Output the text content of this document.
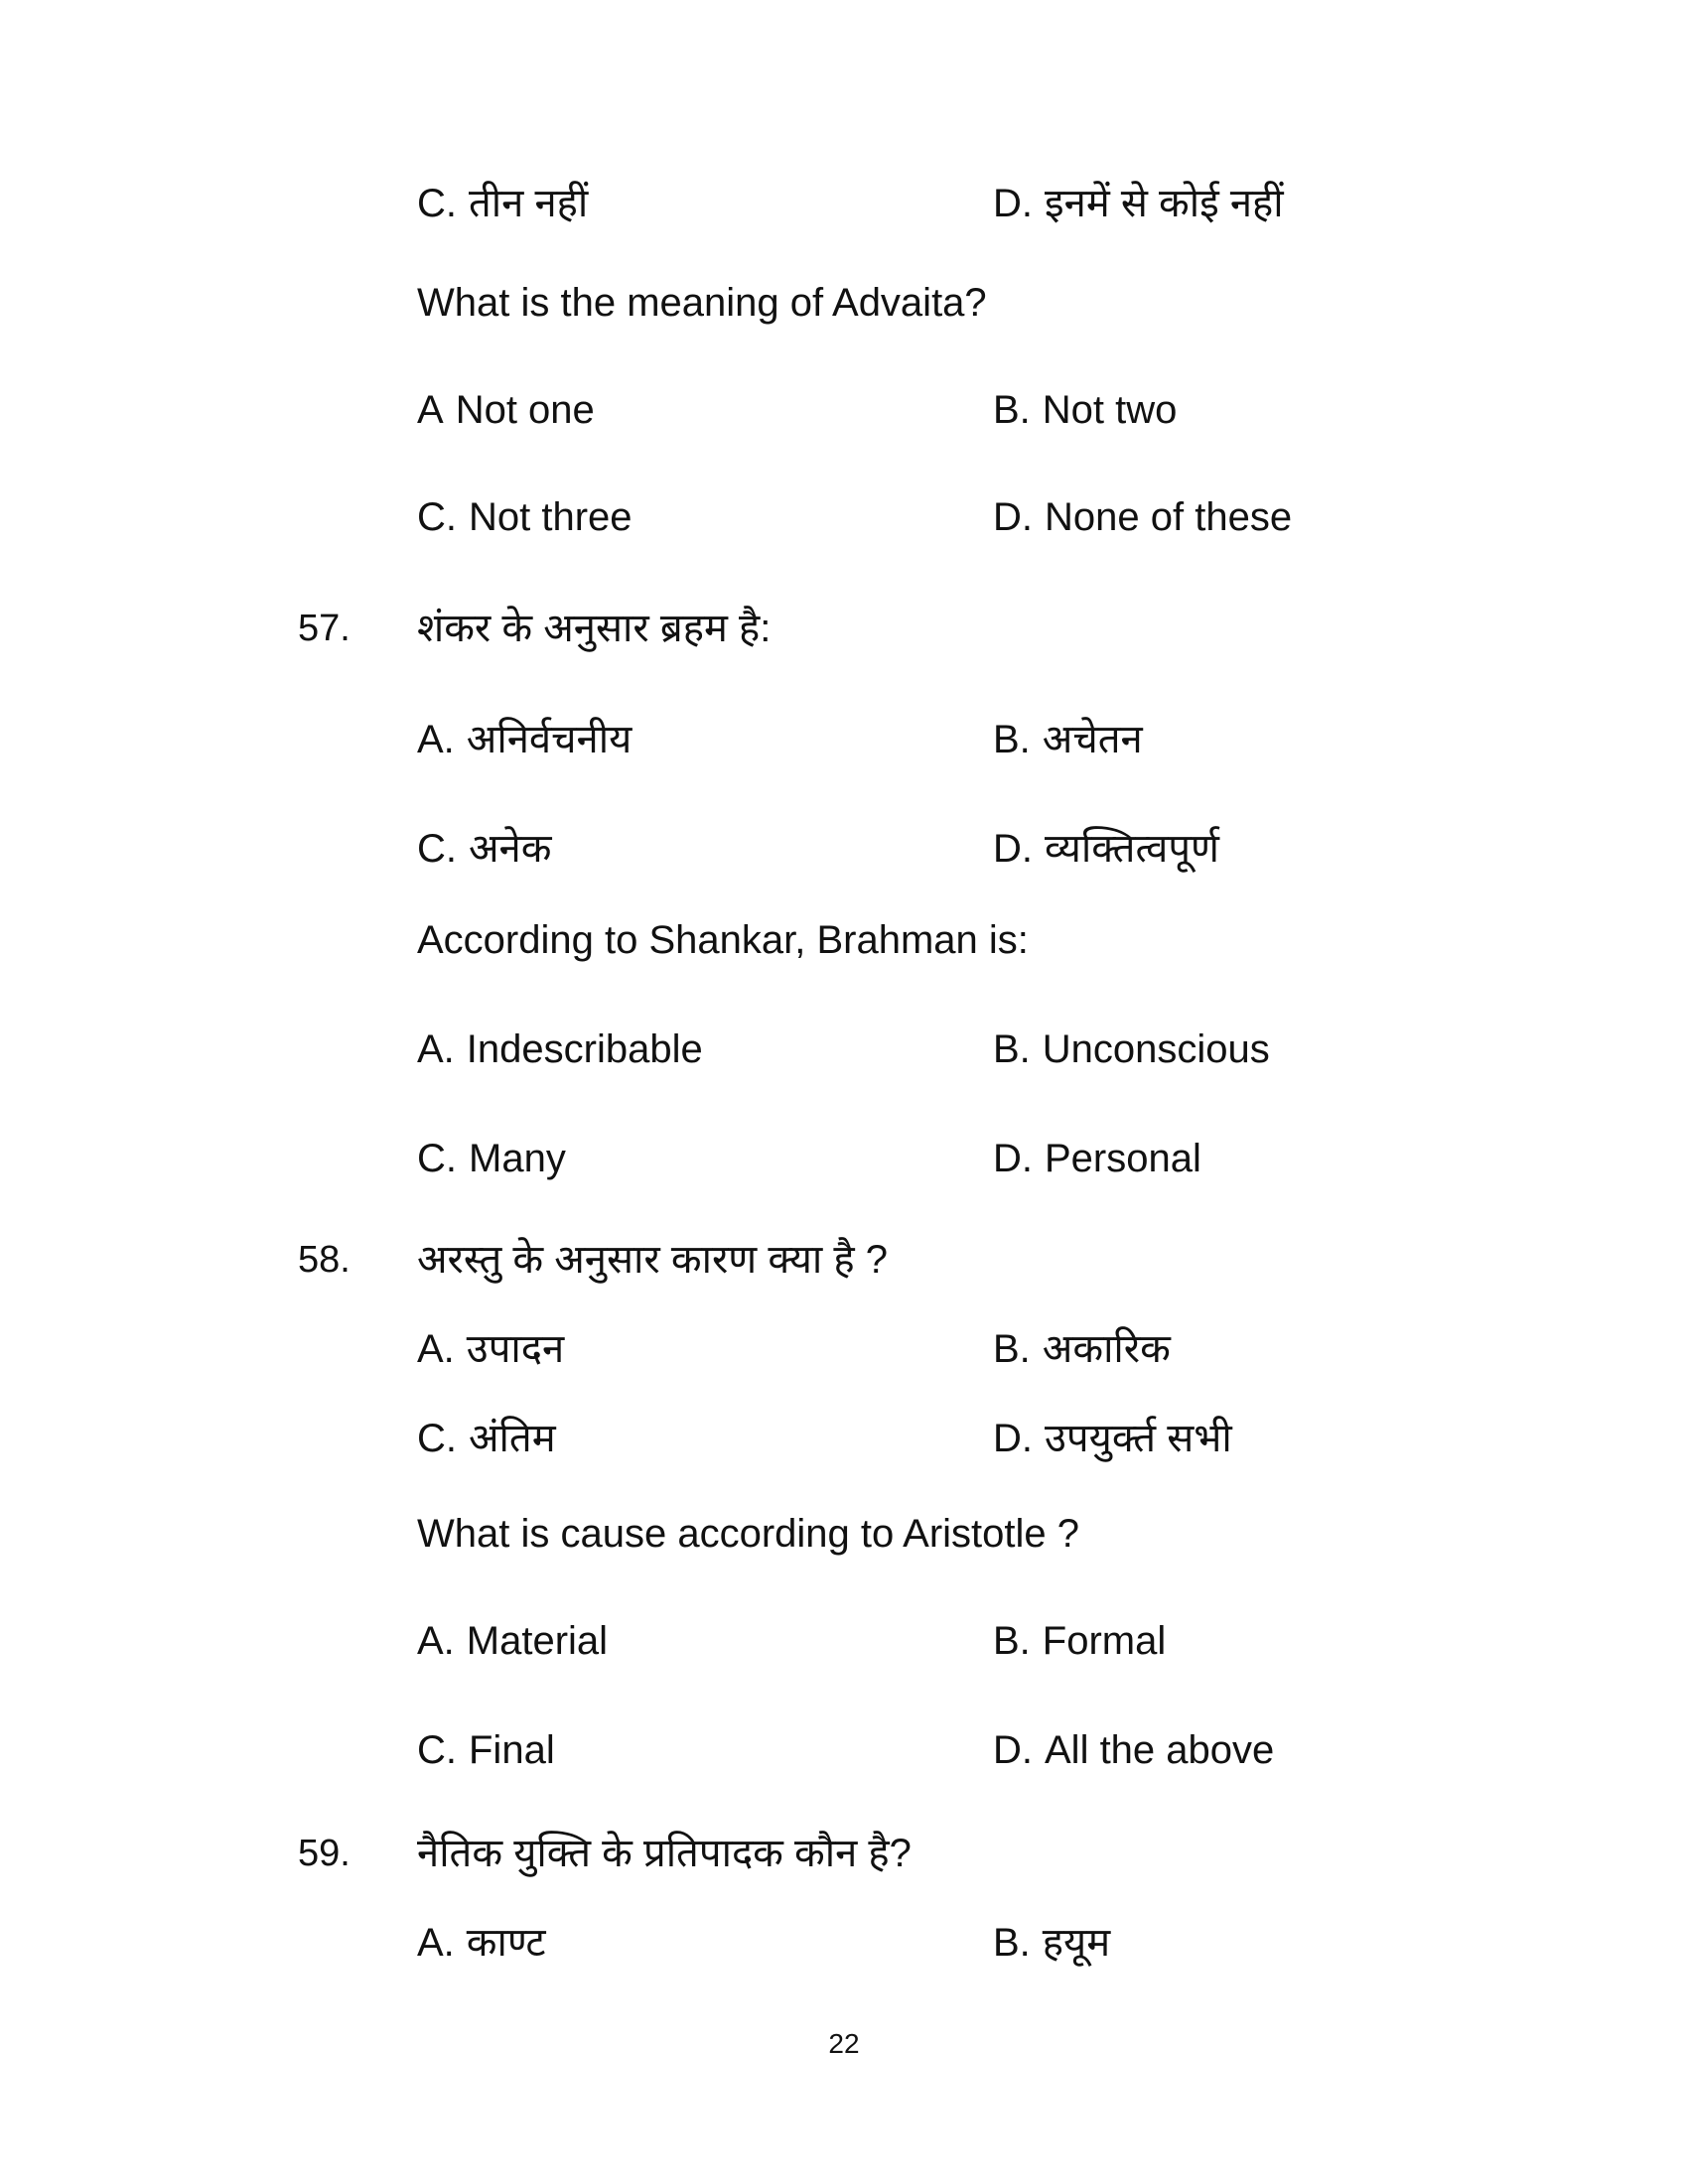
C. तीन नहीं	D. इनमें से कोई नहीं
What is the meaning of Advaita?
A Not one	B. Not two
C. Not three	D. None of these
57.	शंकर के अनुसार ब्रहम है:
A. अनिर्वचनीय	B. अचेतन
C. अनेक	D. व्यक्तित्वपूर्ण
According to Shankar, Brahman is:
A. Indescribable	B. Unconscious
C. Many	D. Personal
58.	अरस्तु के अनुसार कारण क्या है ?
A. उपादन	B. अकारिक
C. अंतिम	D. उपयुर्क्त सभी
What is cause according to Aristotle ?
A. Material	B. Formal
C. Final	D. All the above
59.	नैतिक युक्ति के प्रतिपादक कौन है?
A. काण्ट	B. हयूम
22
